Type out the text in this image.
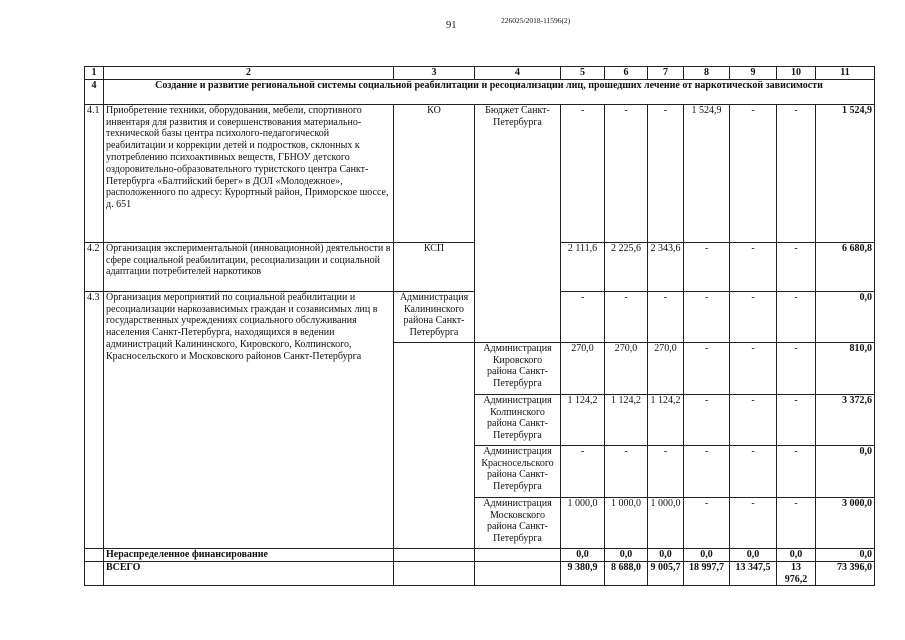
91	226025/2018-11596(2)
1	2	3	4	5	6	7	8	9	10	11
4	Создание и развитие региональной системы социальной реабилитации и ресоциализации лиц, прошедших лечение от наркотической зависимости									
4.1	Приобретение техники, оборудования, мебели, спортивного инвентаря для развития и совершенствования материально-технической базы центра психолого-педагогической реабилитации и коррекции детей и подростков, склонных к употреблению психоактивных веществ, ГБНОУ детского оздоровительно-образовательного туристского центра Санкт-Петербурга «Балтийский берег» в ДОЛ «Молодежное», расположенного по адресу: Курортный район, Приморское шоссе, д. 651	КО	Бюджет Санкт-Петербурга	-	-	-	1 524,9	-	-	1 524,9
4.2	Организация экспериментальной (инновационной) деятельности в сфере социальной реабилитации, ресоциализации и социальной адаптации потребителей наркотиков	КСП		2 111,6	2 225,6	2 343,6	-	-	-	6 680,8
4.3	Организация мероприятий по социальной реабилитации и ресоциализации наркозависимых граждан и созависимых лиц в государственных учреждениях социального обслуживания населения Санкт-Петербурга, находящихся в ведении администраций Калининского, Кировского, Колпинского, Красносельского и Московского районов Санкт-Петербурга	Администрация Калининского района Санкт-Петербурга		-	-	-	-	-	-	0,0
			Администрация Кировского района Санкт-Петербурга	270,0	270,0	270,0	-	-	-	810,0
			Администрация Колпинского района Санкт-Петербурга	1 124,2	1 124,2	1 124,2	-	-	-	3 372,6
			Администрация Красносельского района Санкт-Петербурга	-	-	-	-	-	-	0,0
			Администрация Московского района Санкт-Петербурга	1 000,0	1 000,0	1 000,0	-	-	-	3 000,0
	Нераспределенное финансирование			0,0	0,0	0,0	0,0	0,0	0,0	0,0
	ВСЕГО			9 380,9	8 688,0	9 005,7	18 997,7	13 347,5	13 976,2	73 396,0
